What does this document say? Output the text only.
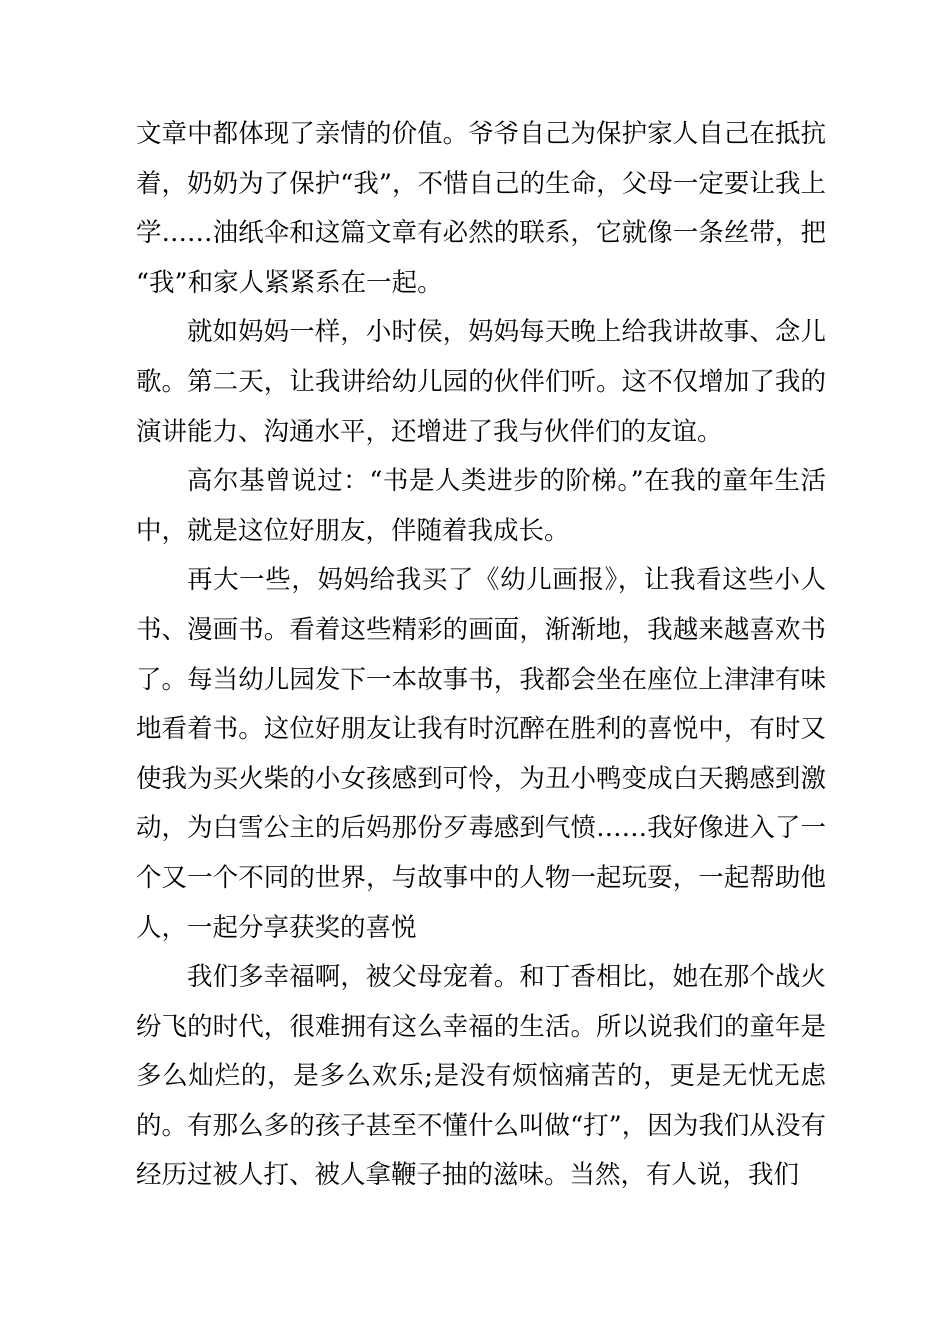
文章中都体现了亲情的价值。爷爷自己为保护家人自己在抵抗着，奶奶为了保护“我”，不惜自己的生命，父母一定要让我上学……油纸伞和这篇文章有必然的联系，它就像一条丝带，把“我”和家人紧紧系在一起。

就如妈妈一样，小时侯，妈妈每天晚上给我讲故事、念儿歌。第二天，让我讲给幼儿园的伙伴们听。这不仅增加了我的演讲能力、沟通水平，还增进了我与伙伴们的友谊。

高尔基曾说过：“书是人类进步的阶梯。”在我的童年生活中，就是这位好朋友，伴随着我成长。

再大一些，妈妈给我买了《幼儿画报》，让我看这些小人书、漫画书。看着这些精彩的画面，渐渐地，我越来越喜欢书了。每当幼儿园发下一本故事书，我都会坐在座位上津津有味地看着书。这位好朋友让我有时沉醉在胜利的喜悦中，有时又使我为买火柴的小女孩感到可怜，为丑小鸭变成白天鹅感到激动，为白雪公主的后妈那份歹毒感到气愤……我好像进入了一个又一个不同的世界，与故事中的人物一起玩耍，一起帮助他人，一起分享获奖的喜悦

我们多幸福啊，被父母宠着。和丁香相比，她在那个战火纷飞的时代，很难拥有这么幸福的生活。所以说我们的童年是多么灿烂的，是多么欢乐;是没有烦恼痛苦的，更是无忧无虑的。有那么多的孩子甚至不懂什么叫做“打”，因为我们从没有经历过被人打、被人拿鞭子抽的滋味。当然，有人说，我们
